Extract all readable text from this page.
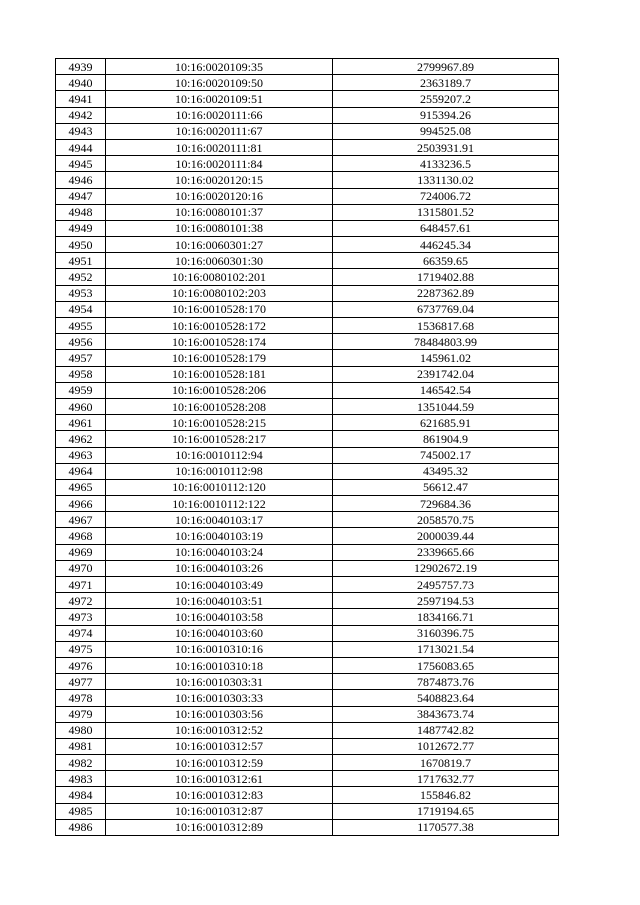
4939	10:16:0020109:35	2799967.89
4940	10:16:0020109:50	2363189.7
4941	10:16:0020109:51	2559207.2
4942	10:16:0020111:66	915394.26
4943	10:16:0020111:67	994525.08
4944	10:16:0020111:81	2503931.91
4945	10:16:0020111:84	4133236.5
4946	10:16:0020120:15	1331130.02
4947	10:16:0020120:16	724006.72
4948	10:16:0080101:37	1315801.52
4949	10:16:0080101:38	648457.61
4950	10:16:0060301:27	446245.34
4951	10:16:0060301:30	66359.65
4952	10:16:0080102:201	1719402.88
4953	10:16:0080102:203	2287362.89
4954	10:16:0010528:170	6737769.04
4955	10:16:0010528:172	1536817.68
4956	10:16:0010528:174	78484803.99
4957	10:16:0010528:179	145961.02
4958	10:16:0010528:181	2391742.04
4959	10:16:0010528:206	146542.54
4960	10:16:0010528:208	1351044.59
4961	10:16:0010528:215	621685.91
4962	10:16:0010528:217	861904.9
4963	10:16:0010112:94	745002.17
4964	10:16:0010112:98	43495.32
4965	10:16:0010112:120	56612.47
4966	10:16:0010112:122	729684.36
4967	10:16:0040103:17	2058570.75
4968	10:16:0040103:19	2000039.44
4969	10:16:0040103:24	2339665.66
4970	10:16:0040103:26	12902672.19
4971	10:16:0040103:49	2495757.73
4972	10:16:0040103:51	2597194.53
4973	10:16:0040103:58	1834166.71
4974	10:16:0040103:60	3160396.75
4975	10:16:0010310:16	1713021.54
4976	10:16:0010310:18	1756083.65
4977	10:16:0010303:31	7874873.76
4978	10:16:0010303:33	5408823.64
4979	10:16:0010303:56	3843673.74
4980	10:16:0010312:52	1487742.82
4981	10:16:0010312:57	1012672.77
4982	10:16:0010312:59	1670819.7
4983	10:16:0010312:61	1717632.77
4984	10:16:0010312:83	155846.82
4985	10:16:0010312:87	1719194.65
4986	10:16:0010312:89	1170577.38
